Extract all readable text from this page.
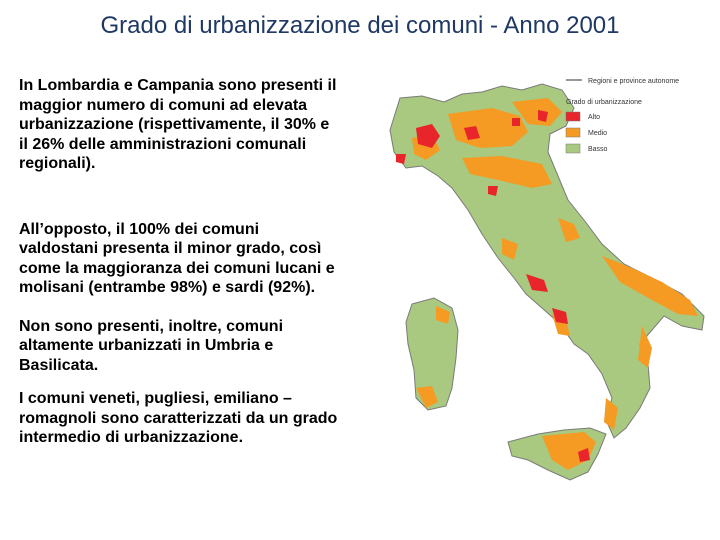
Grado di urbanizzazione dei comuni - Anno 2001

In Lombardia e Campania sono presenti il maggior numero di comuni ad elevata urbanizzazione (rispettivamente, il 30% e il 26% delle amministrazioni comunali regionali).

All’opposto, il 100% dei comuni valdostani presenta il minor grado, così come la maggioranza dei comuni lucani e molisani (entrambe 98%) e sardi (92%).

Non sono presenti, inoltre, comuni altamente urbanizzati in Umbria e Basilicata.

I comuni veneti, pugliesi, emiliano – romagnoli sono caratterizzati da un grado intermedio di urbanizzazione.

Regioni e province autonome
Grado di urbanizzazione
Alto
Medio
Basso
